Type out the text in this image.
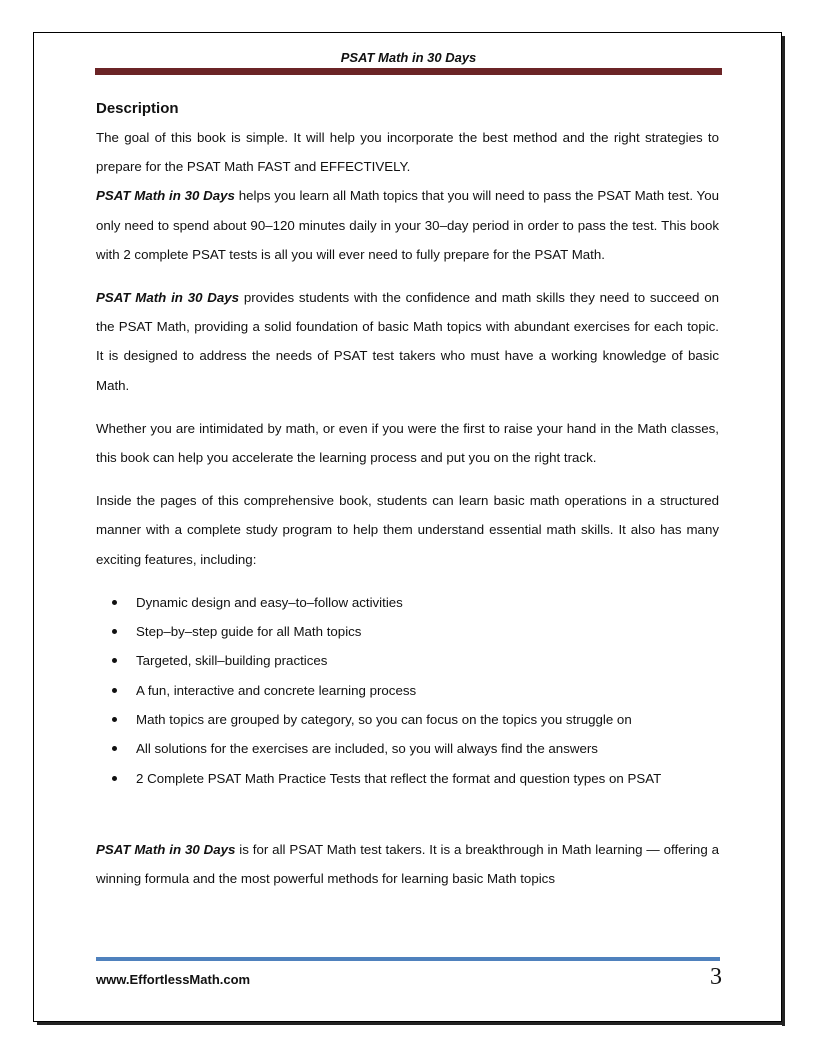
PSAT Math in 30 Days
Description

The goal of this book is simple. It will help you incorporate the best method and the right strategies to prepare for the PSAT Math FAST and EFFECTIVELY.

PSAT Math in 30 Days helps you learn all Math topics that you will need to pass the PSAT Math test. You only need to spend about 90–120 minutes daily in your 30–day period in order to pass the test. This book with 2 complete PSAT tests is all you will ever need to fully prepare for the PSAT Math.

PSAT Math in 30 Days provides students with the confidence and math skills they need to succeed on the PSAT Math, providing a solid foundation of basic Math topics with abundant exercises for each topic. It is designed to address the needs of PSAT test takers who must have a working knowledge of basic Math.

Whether you are intimidated by math, or even if you were the first to raise your hand in the Math classes, this book can help you accelerate the learning process and put you on the right track.

Inside the pages of this comprehensive book, students can learn basic math operations in a structured manner with a complete study program to help them understand essential math skills. It also has many exciting features, including:

Dynamic design and easy–to–follow activities
Step–by–step guide for all Math topics
Targeted, skill–building practices
A fun, interactive and concrete learning process
Math topics are grouped by category, so you can focus on the topics you struggle on
All solutions for the exercises are included, so you will always find the answers
2 Complete PSAT Math Practice Tests that reflect the format and question types on PSAT

PSAT Math in 30 Days is for all PSAT Math test takers. It is a breakthrough in Math learning — offering a winning formula and the most powerful methods for learning basic Math topics

www.EffortlessMath.com	3
